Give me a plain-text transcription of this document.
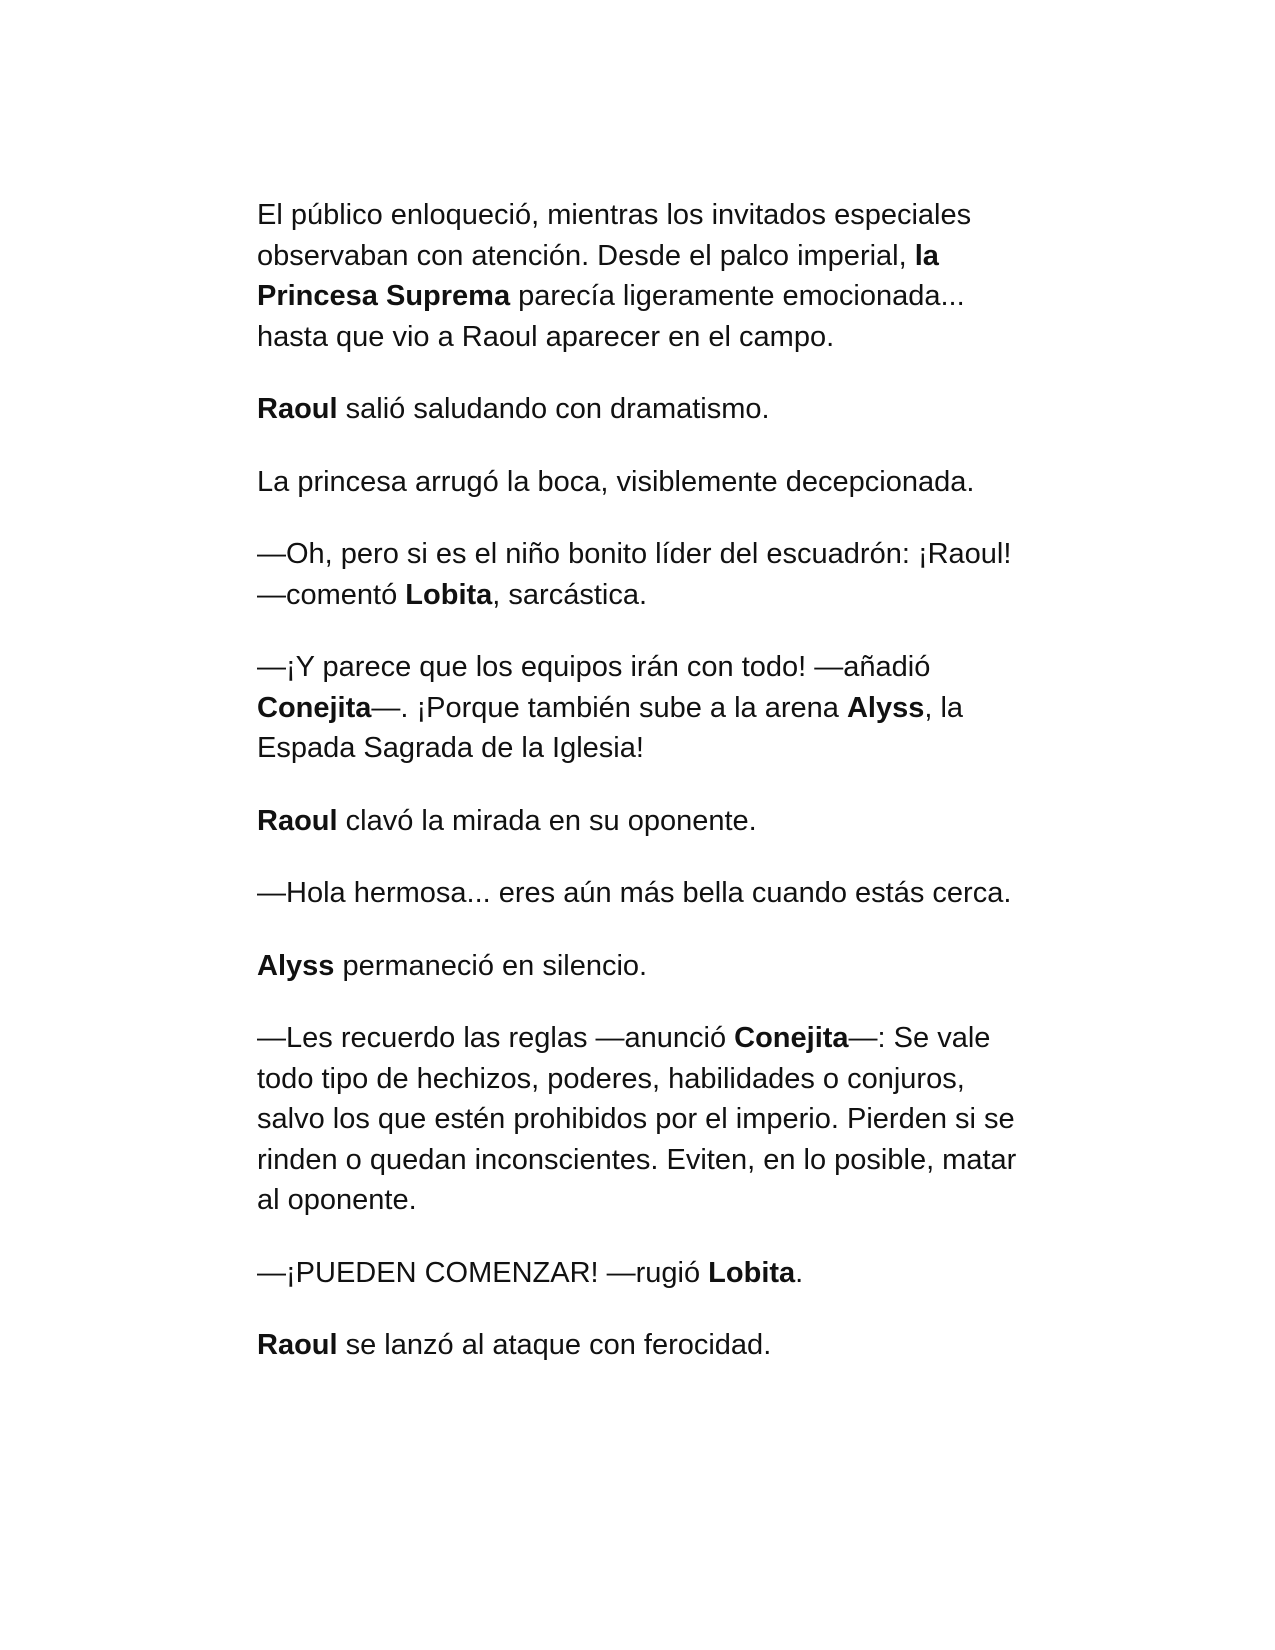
El público enloqueció, mientras los invitados especiales observaban con atención. Desde el palco imperial, la Princesa Suprema parecía ligeramente emocionada... hasta que vio a Raoul aparecer en el campo.

Raoul salió saludando con dramatismo.

La princesa arrugó la boca, visiblemente decepcionada.

—Oh, pero si es el niño bonito líder del escuadrón: ¡Raoul! —comentó Lobita, sarcástica.

—¡Y parece que los equipos irán con todo! —añadió Conejita—. ¡Porque también sube a la arena Alyss, la Espada Sagrada de la Iglesia!

Raoul clavó la mirada en su oponente.

—Hola hermosa... eres aún más bella cuando estás cerca.

Alyss permaneció en silencio.

—Les recuerdo las reglas —anunció Conejita—: Se vale todo tipo de hechizos, poderes, habilidades o conjuros, salvo los que estén prohibidos por el imperio. Pierden si se rinden o quedan inconscientes. Eviten, en lo posible, matar al oponente.

—¡PUEDEN COMENZAR! —rugió Lobita.

Raoul se lanzó al ataque con ferocidad.
